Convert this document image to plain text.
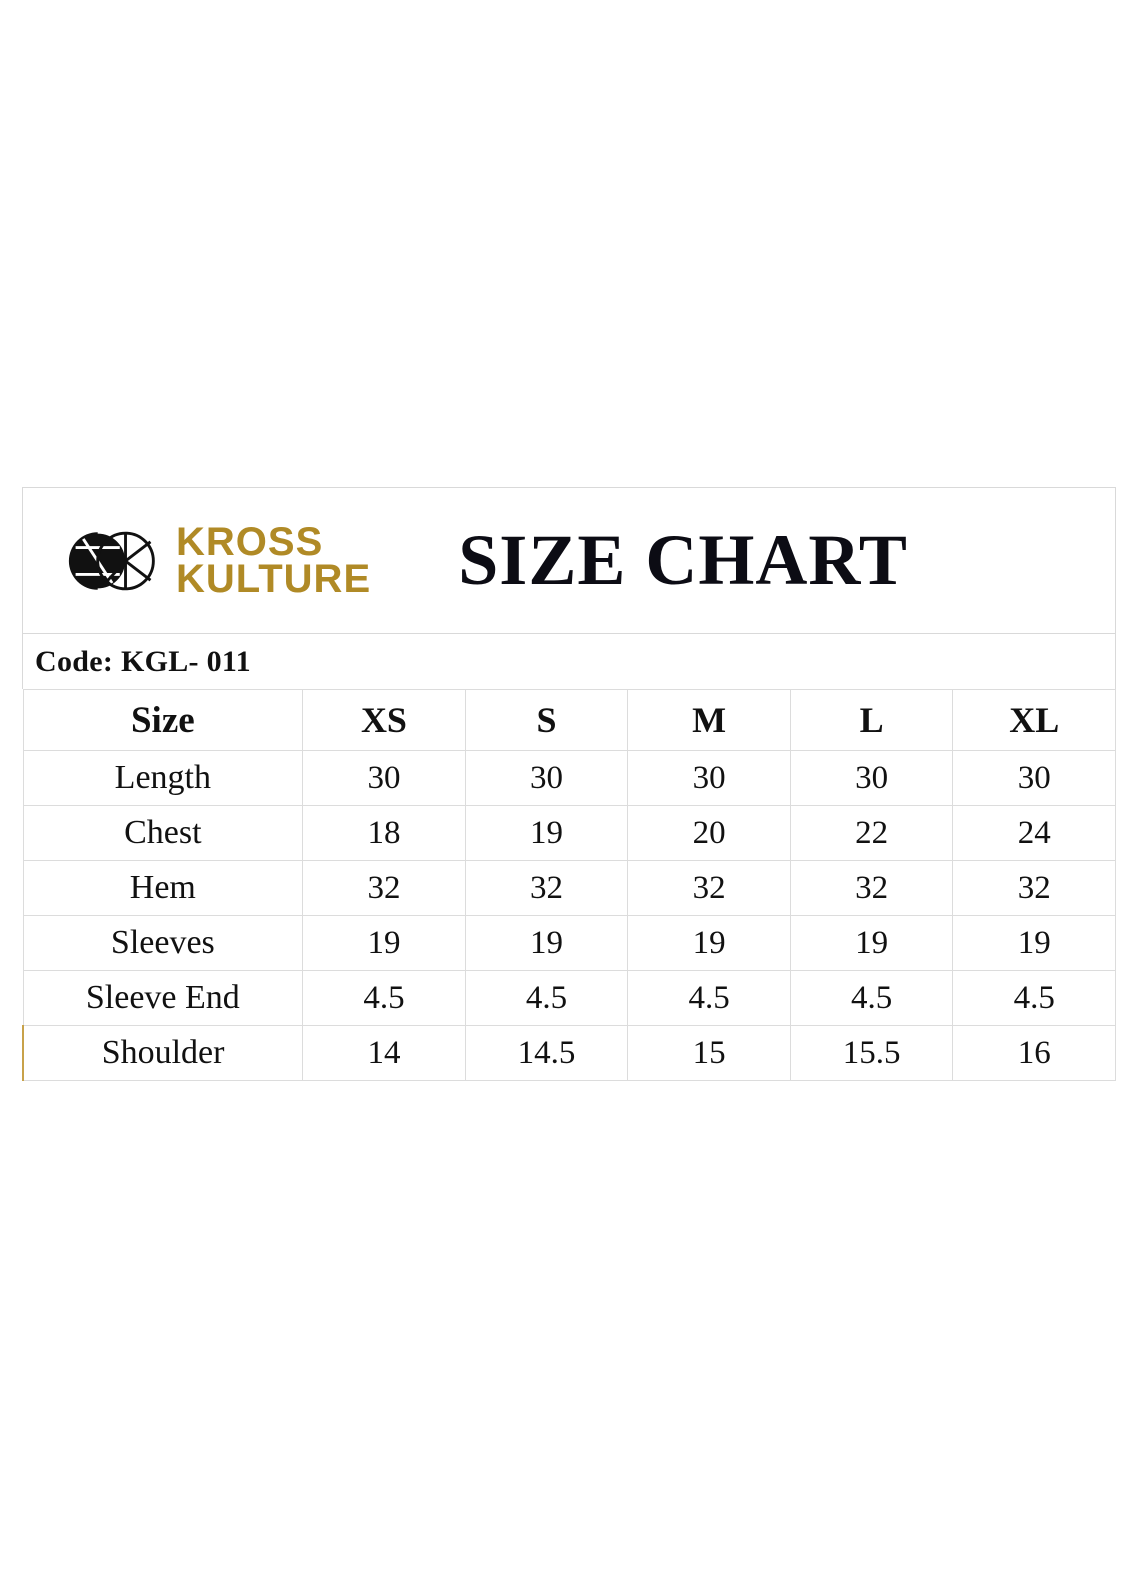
KROSS
KULTURE	SIZE CHART
Code: KGL- 011
Size	XS	S	M	L	XL
Length	30	30	30	30	30
Chest	18	19	20	22	24
Hem	32	32	32	32	32
Sleeves	19	19	19	19	19
Sleeve End	4.5	4.5	4.5	4.5	4.5
Shoulder	14	14.5	15	15.5	16
